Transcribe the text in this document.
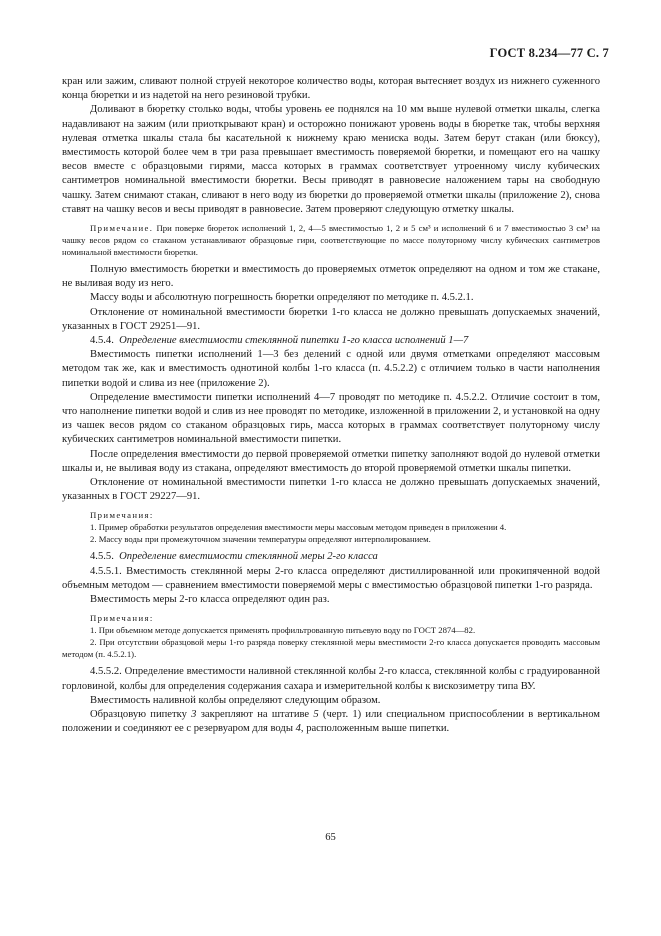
ГОСТ 8.234—77 С. 7

кран или зажим, сливают полной струей некоторое количество воды, которая вытесняет воздух из нижнего суженного конца бюретки и из надетой на него резиновой трубки.

Доливают в бюретку столько воды, чтобы уровень ее поднялся на 10 мм выше нулевой отметки шкалы, слегка надавливают на зажим (или приоткрывают кран) и осторожно понижают уровень воды в бюретке так, чтобы верхняя нулевая отметка шкалы стала бы касательной к нижнему краю мениска воды. Затем берут стакан (или бюксу), вместимость которой более чем в три раза превышает вместимость поверяемой бюретки, и помещают его на чашку весов вместе с образцовыми гирями, масса которых в граммах соответствует утроенному числу кубических сантиметров номинальной вместимости бюретки. Весы приводят в равновесие наложением тары на свободную чашку. Затем снимают стакан, сливают в него воду из бюретки до проверяемой отметки шкалы (приложение 2), снова ставят на чашку весов и весы приводят в равновесие. Затем проверяют следующую отметку шкалы.

Примечание. При поверке бюреток исполнений 1, 2, 4—5 вместимостью 1, 2 и 5 см³ и исполнений 6 и 7 вместимостью 3 см³ на чашку весов рядом со стаканом устанавливают образцовые гири, соответствующие по массе полуторному числу кубических сантиметров номинальной вместимости бюретки.

Полную вместимость бюретки и вместимость до проверяемых отметок определяют на одном и том же стакане, не выливая воду из него.

Массу воды и абсолютную погрешность бюретки определяют по методике п. 4.5.2.1.

Отклонение от номинальной вместимости бюретки 1-го класса не должно превышать допускаемых значений, указанных в ГОСТ 29251—91.

4.5.4. Определение вместимости стеклянной пипетки 1-го класса исполнений 1—7

Вместимость пипетки исполнений 1—3 без делений с одной или двумя отметками определяют массовым методом так же, как и вместимость однотиной колбы 1-го класса (п. 4.5.2.2) с отличием только в части наполнения пипетки водой и слива из нее (приложение 2).

Определение вместимости пипетки исполнений 4—7 проводят по методике п. 4.5.2.2. Отличие состоит в том, что наполнение пипетки водой и слив из нее проводят по методике, изложенной в приложении 2, и установкой на одну из чашек весов рядом со стаканом образцовых гирь, масса которых в граммах соответствует полуторному числу кубических сантиметров номинальной вместимости пипетки.

После определения вместимости до первой проверяемой отметки пипетку заполняют водой до нулевой отметки шкалы и, не выливая воду из стакана, определяют вместимость до второй проверяемой отметки шкалы пипетки.

Отклонение от номинальной вместимости пипетки 1-го класса не должно превышать допускаемых значений, указанных в ГОСТ 29227—91.

Примечания:

1. Пример обработки результатов определения вместимости меры массовым методом приведен в приложении 4.

2. Массу воды при промежуточном значении температуры определяют интерполированием.

4.5.5. Определение вместимости стеклянной меры 2-го класса

4.5.5.1. Вместимость стеклянной меры 2-го класса определяют дистиллированной или прокипяченной водой объемным методом — сравнением вместимости поверяемой меры с вместимостью образцовой пипетки 1-го разряда.

Вместимость меры 2-го класса определяют один раз.

Примечания:

1. При объемном методе допускается применять профильтрованную питьевую воду по ГОСТ 2874—82.

2. При отсутствии образцовой меры 1-го разряда поверку стеклянной меры вместимости 2-го класса допускается проводить массовым методом (п. 4.5.2.1).

4.5.5.2. Определение вместимости наливной стеклянной колбы 2-го класса, стеклянной колбы с градуированной горловиной, колбы для определения содержания сахара и измерительной колбы к вискозиметру типа ВУ.

Вместимость наливной колбы определяют следующим образом.

Образцовую пипетку 3 закрепляют на штативе 5 (черт. 1) или специальном приспособлении в вертикальном положении и соединяют ее с резервуаром для воды 4, расположенным выше пипетки.

65
